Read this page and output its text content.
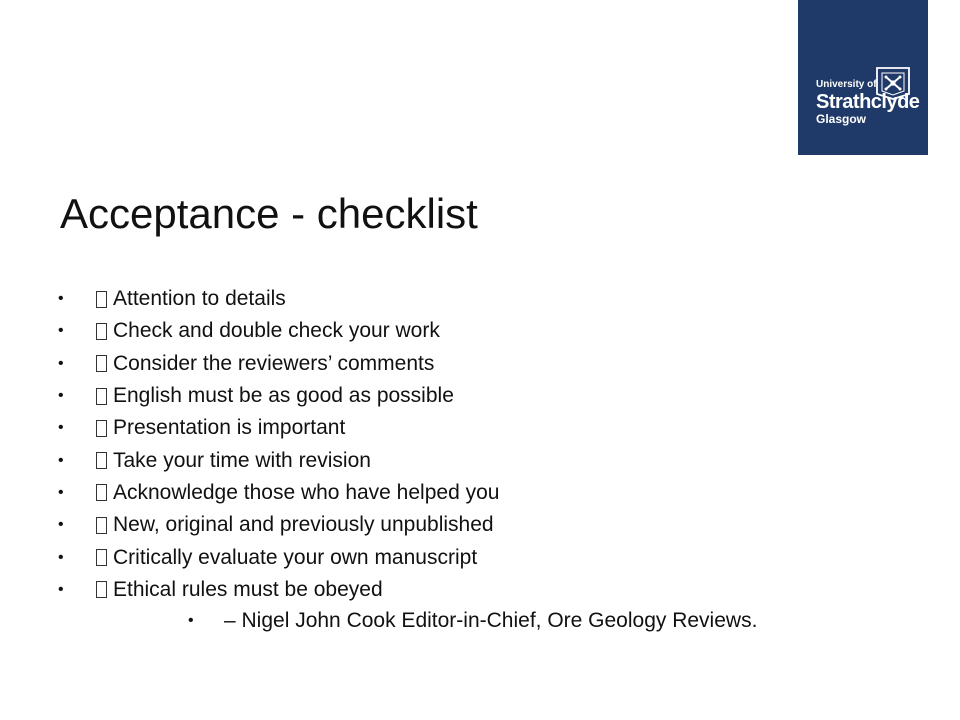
University of
Strathclyde
Glasgow
Acceptance - checklist
•	Attention to details
•	Check and double check your work
•	Consider the reviewers’ comments
•	English must be as good as possible
•	Presentation is important
•	Take your time with revision
•	Acknowledge those who have helped you
•	New, original and previously unpublished
•	Critically evaluate your own manuscript
•	Ethical rules must be obeyed
•	– Nigel John Cook Editor-in-Chief, Ore Geology Reviews.
